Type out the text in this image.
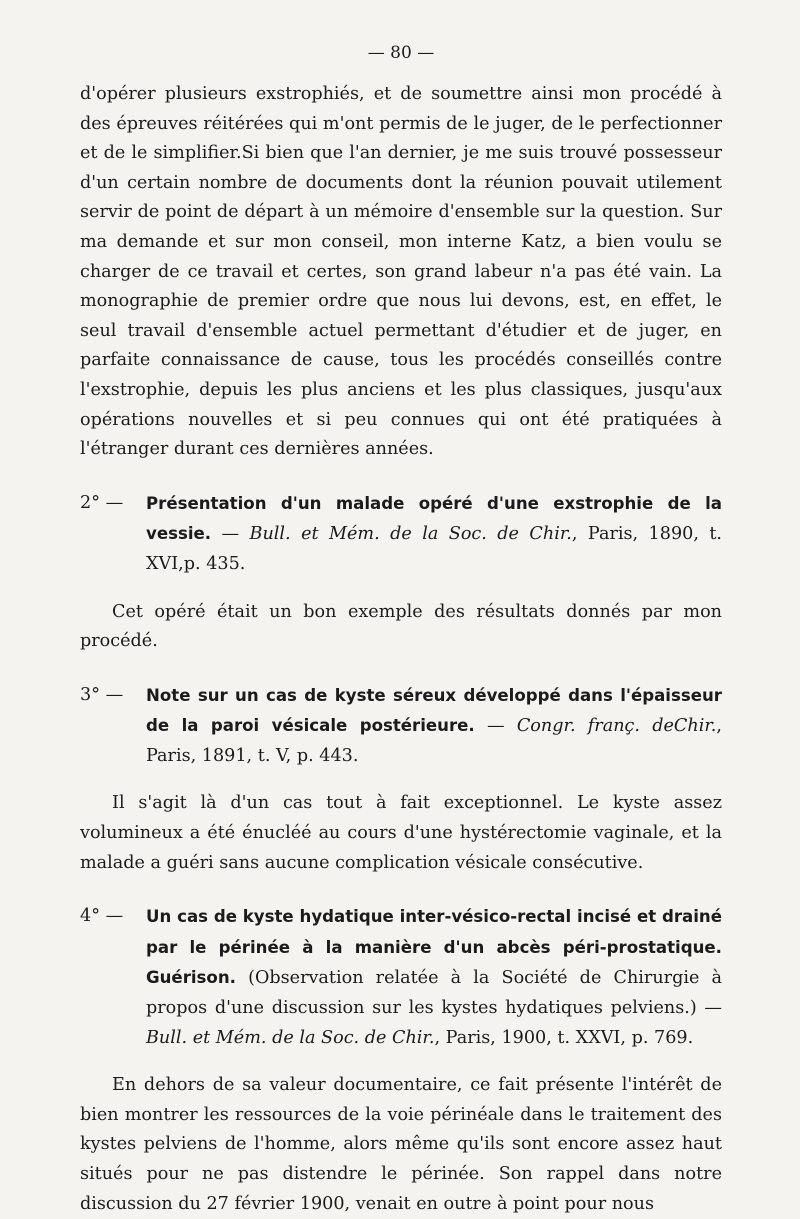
— 80 —

d'opérer plusieurs exstrophiés, et de soumettre ainsi mon procédé à des épreuves réitérées qui m'ont permis de le juger, de le perfectionner et de le simplifier.Si bien que l'an dernier, je me suis trouvé possesseur d'un certain nombre de documents dont la réunion pouvait utilement servir de point de départ à un mémoire d'ensemble sur la question. Sur ma demande et sur mon conseil, mon interne Katz, a bien voulu se charger de ce travail et certes, son grand labeur n'a pas été vain. La monographie de premier ordre que nous lui devons, est, en effet, le seul travail d'ensemble actuel permettant d'étudier et de juger, en parfaite connaissance de cause, tous les procédés conseillés contre l'exstrophie, depuis les plus anciens et les plus classiques, jusqu'aux opérations nouvelles et si peu connues qui ont été pratiquées à l'étranger durant ces dernières années.

2° — Présentation d'un malade opéré d'une exstrophie de la vessie. — Bull. et Mém. de la Soc. de Chir., Paris, 1890, t. XVI,p. 435.

Cet opéré était un bon exemple des résultats donnés par mon procédé.

3° — Note sur un cas de kyste séreux développé dans l'épaisseur de la paroi vésicale postérieure. — Congr. franç. deChir., Paris, 1891, t. V, p. 443.

Il s'agit là d'un cas tout à fait exceptionnel. Le kyste assez volumineux a été énucléé au cours d'une hystérectomie vaginale, et la malade a guéri sans aucune complication vésicale consécutive.

4° — Un cas de kyste hydatique inter-vésico-rectal incisé et drainé par le périnée à la manière d'un abcès péri-prostatique. Guérison. (Observation relatée à la Société de Chirurgie à propos d'une discussion sur les kystes hydatiques pelviens.) — Bull. et Mém. de la Soc. de Chir., Paris, 1900, t. XXVI, p. 769.

En dehors de sa valeur documentaire, ce fait présente l'intérêt de bien montrer les ressources de la voie périnéale dans le traitement des kystes pelviens de l'homme, alors même qu'ils sont encore assez haut situés pour ne pas distendre le périnée. Son rappel dans notre discussion du 27 février 1900, venait en outre à point pour nous
